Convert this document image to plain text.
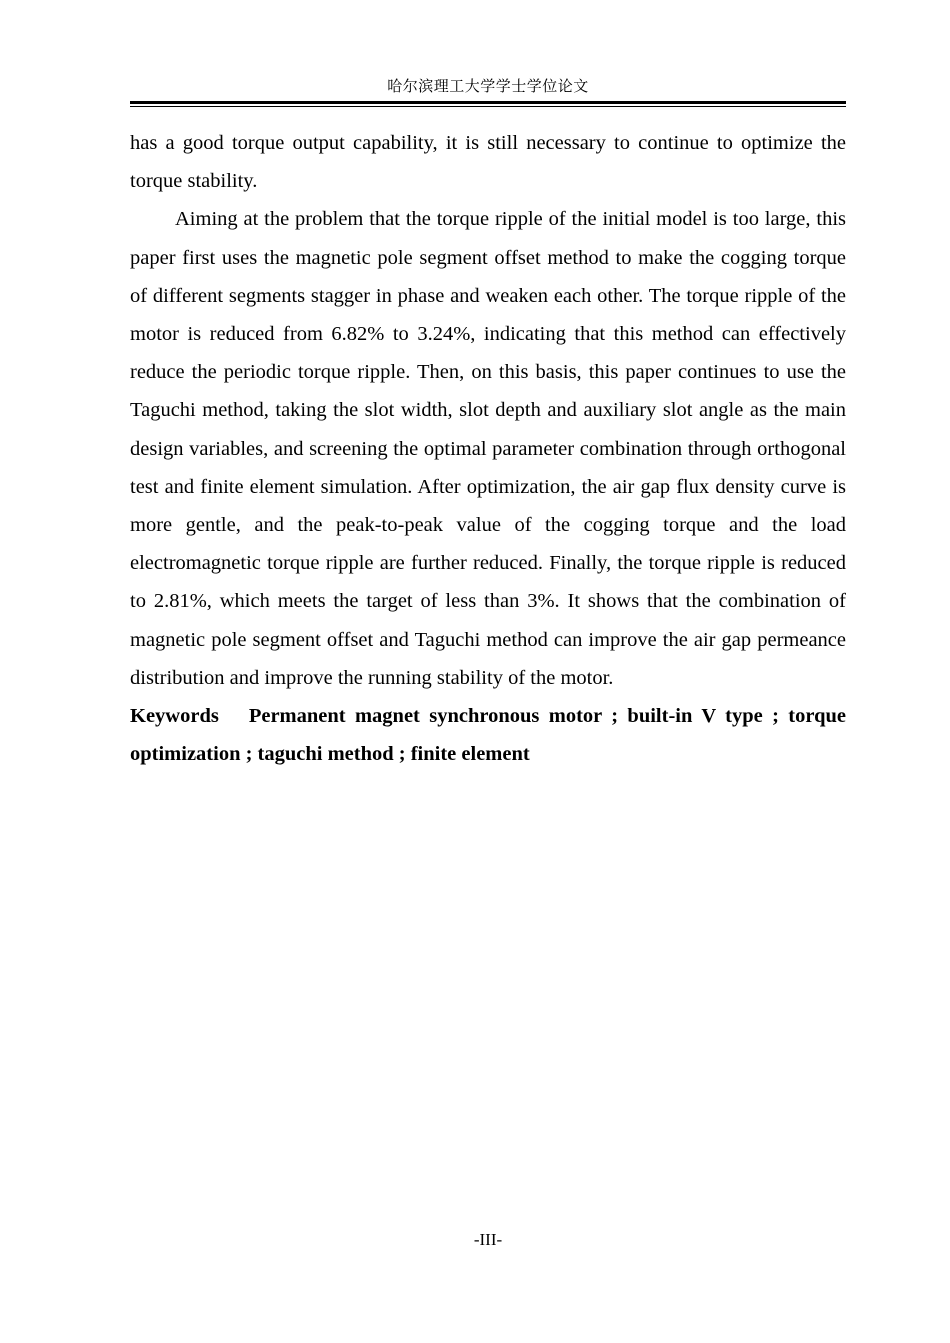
哈尔滨理工大学学士学位论文

has a good torque output capability, it is still necessary to continue to optimize the torque stability.

Aiming at the problem that the torque ripple of the initial model is too large, this paper first uses the magnetic pole segment offset method to make the cogging torque of different segments stagger in phase and weaken each other. The torque ripple of the motor is reduced from 6.82% to 3.24%, indicating that this method can effectively reduce the periodic torque ripple. Then, on this basis, this paper continues to use the Taguchi method, taking the slot width, slot depth and auxiliary slot angle as the main design variables, and screening the optimal parameter combination through orthogonal test and finite element simulation. After optimization, the air gap flux density curve is more gentle, and the peak-to-peak value of the cogging torque and the load electromagnetic torque ripple are further reduced. Finally, the torque ripple is reduced to 2.81%, which meets the target of less than 3%. It shows that the combination of magnetic pole segment offset and Taguchi method can improve the air gap permeance distribution and improve the running stability of the motor.

Keywords Permanent magnet synchronous motor ; built-in V type ; torque optimization ; taguchi method ; finite element

-III-
